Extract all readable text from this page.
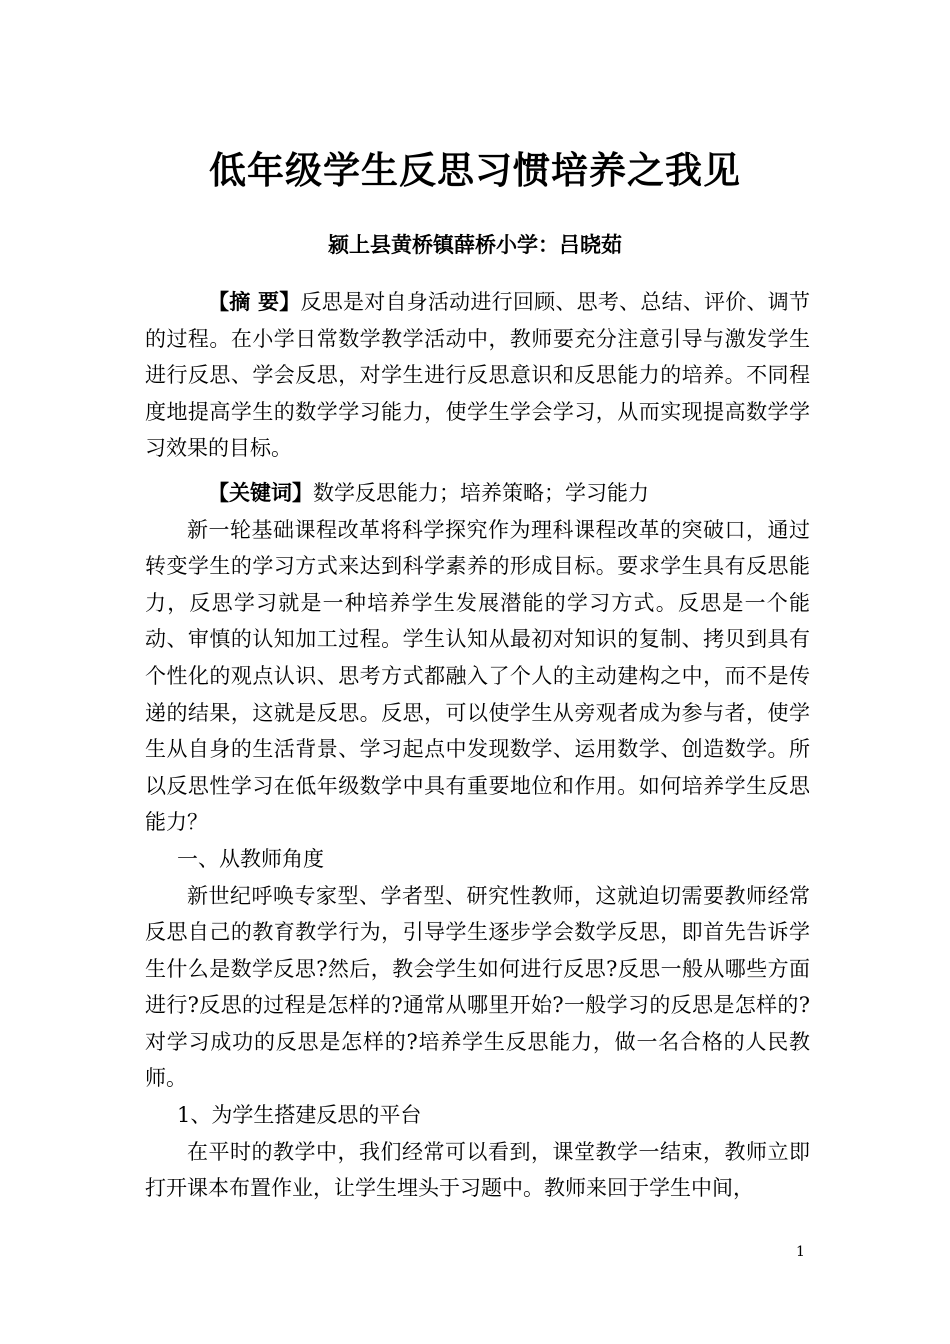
低年级学生反思习惯培养之我见

颍上县黄桥镇薛桥小学：吕晓茹

【摘 要】反思是对自身活动进行回顾、思考、总结、评价、调节的过程。在小学日常数学教学活动中，教师要充分注意引导与激发学生进行反思、学会反思，对学生进行反思意识和反思能力的培养。不同程度地提高学生的数学学习能力，使学生学会学习，从而实现提高数学学习效果的目标。

【关键词】数学反思能力；培养策略；学习能力

新一轮基础课程改革将科学探究作为理科课程改革的突破口，通过转变学生的学习方式来达到科学素养的形成目标。要求学生具有反思能力，反思学习就是一种培养学生发展潜能的学习方式。反思是一个能动、审慎的认知加工过程。学生认知从最初对知识的复制、拷贝到具有个性化的观点认识、思考方式都融入了个人的主动建构之中，而不是传递的结果，这就是反思。反思，可以使学生从旁观者成为参与者，使学生从自身的生活背景、学习起点中发现数学、运用数学、创造数学。所以反思性学习在低年级数学中具有重要地位和作用。如何培养学生反思能力？

一、从教师角度

新世纪呼唤专家型、学者型、研究性教师，这就迫切需要教师经常反思自己的教育教学行为，引导学生逐步学会数学反思，即首先告诉学生什么是数学反思?然后，教会学生如何进行反思?反思一般从哪些方面进行?反思的过程是怎样的?通常从哪里开始?一般学习的反思是怎样的?对学习成功的反思是怎样的?培养学生反思能力，做一名合格的人民教师。

1、为学生搭建反思的平台

在平时的教学中，我们经常可以看到，课堂教学一结束，教师立即打开课本布置作业，让学生埋头于习题中。教师来回于学生中间，

1
